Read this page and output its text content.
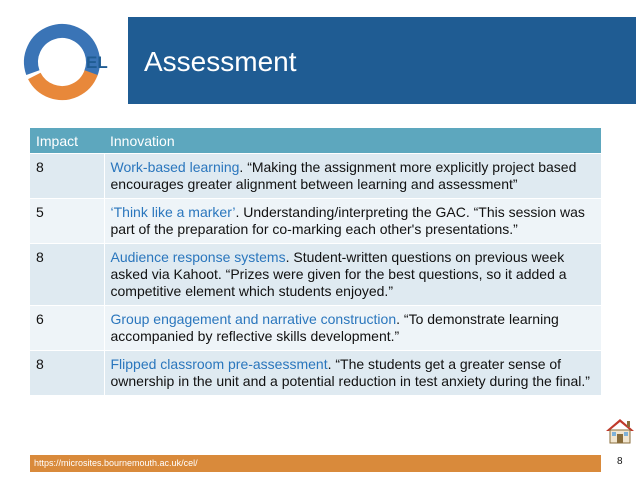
EL Assessment
Impact	Innovation
8	Work-based learning. “Making the assignment more explicitly project based encourages greater alignment between learning and assessment”
5	‘Think like a marker’. Understanding/interpreting the GAC. “This session was part of the preparation for co-marking each other's presentations.”
8	Audience response systems. Student-written questions on previous week asked via Kahoot. “Prizes were given for the best questions, so it added a competitive element which students enjoyed.”
6	Group engagement and narrative construction. “To demonstrate learning accompanied by reflective skills development.”
8	Flipped classroom pre-assessment. “The students get a greater sense of ownership in the unit and a potential reduction in test anxiety during the final.”
https://microsites.bournemouth.ac.uk/cel/	8
